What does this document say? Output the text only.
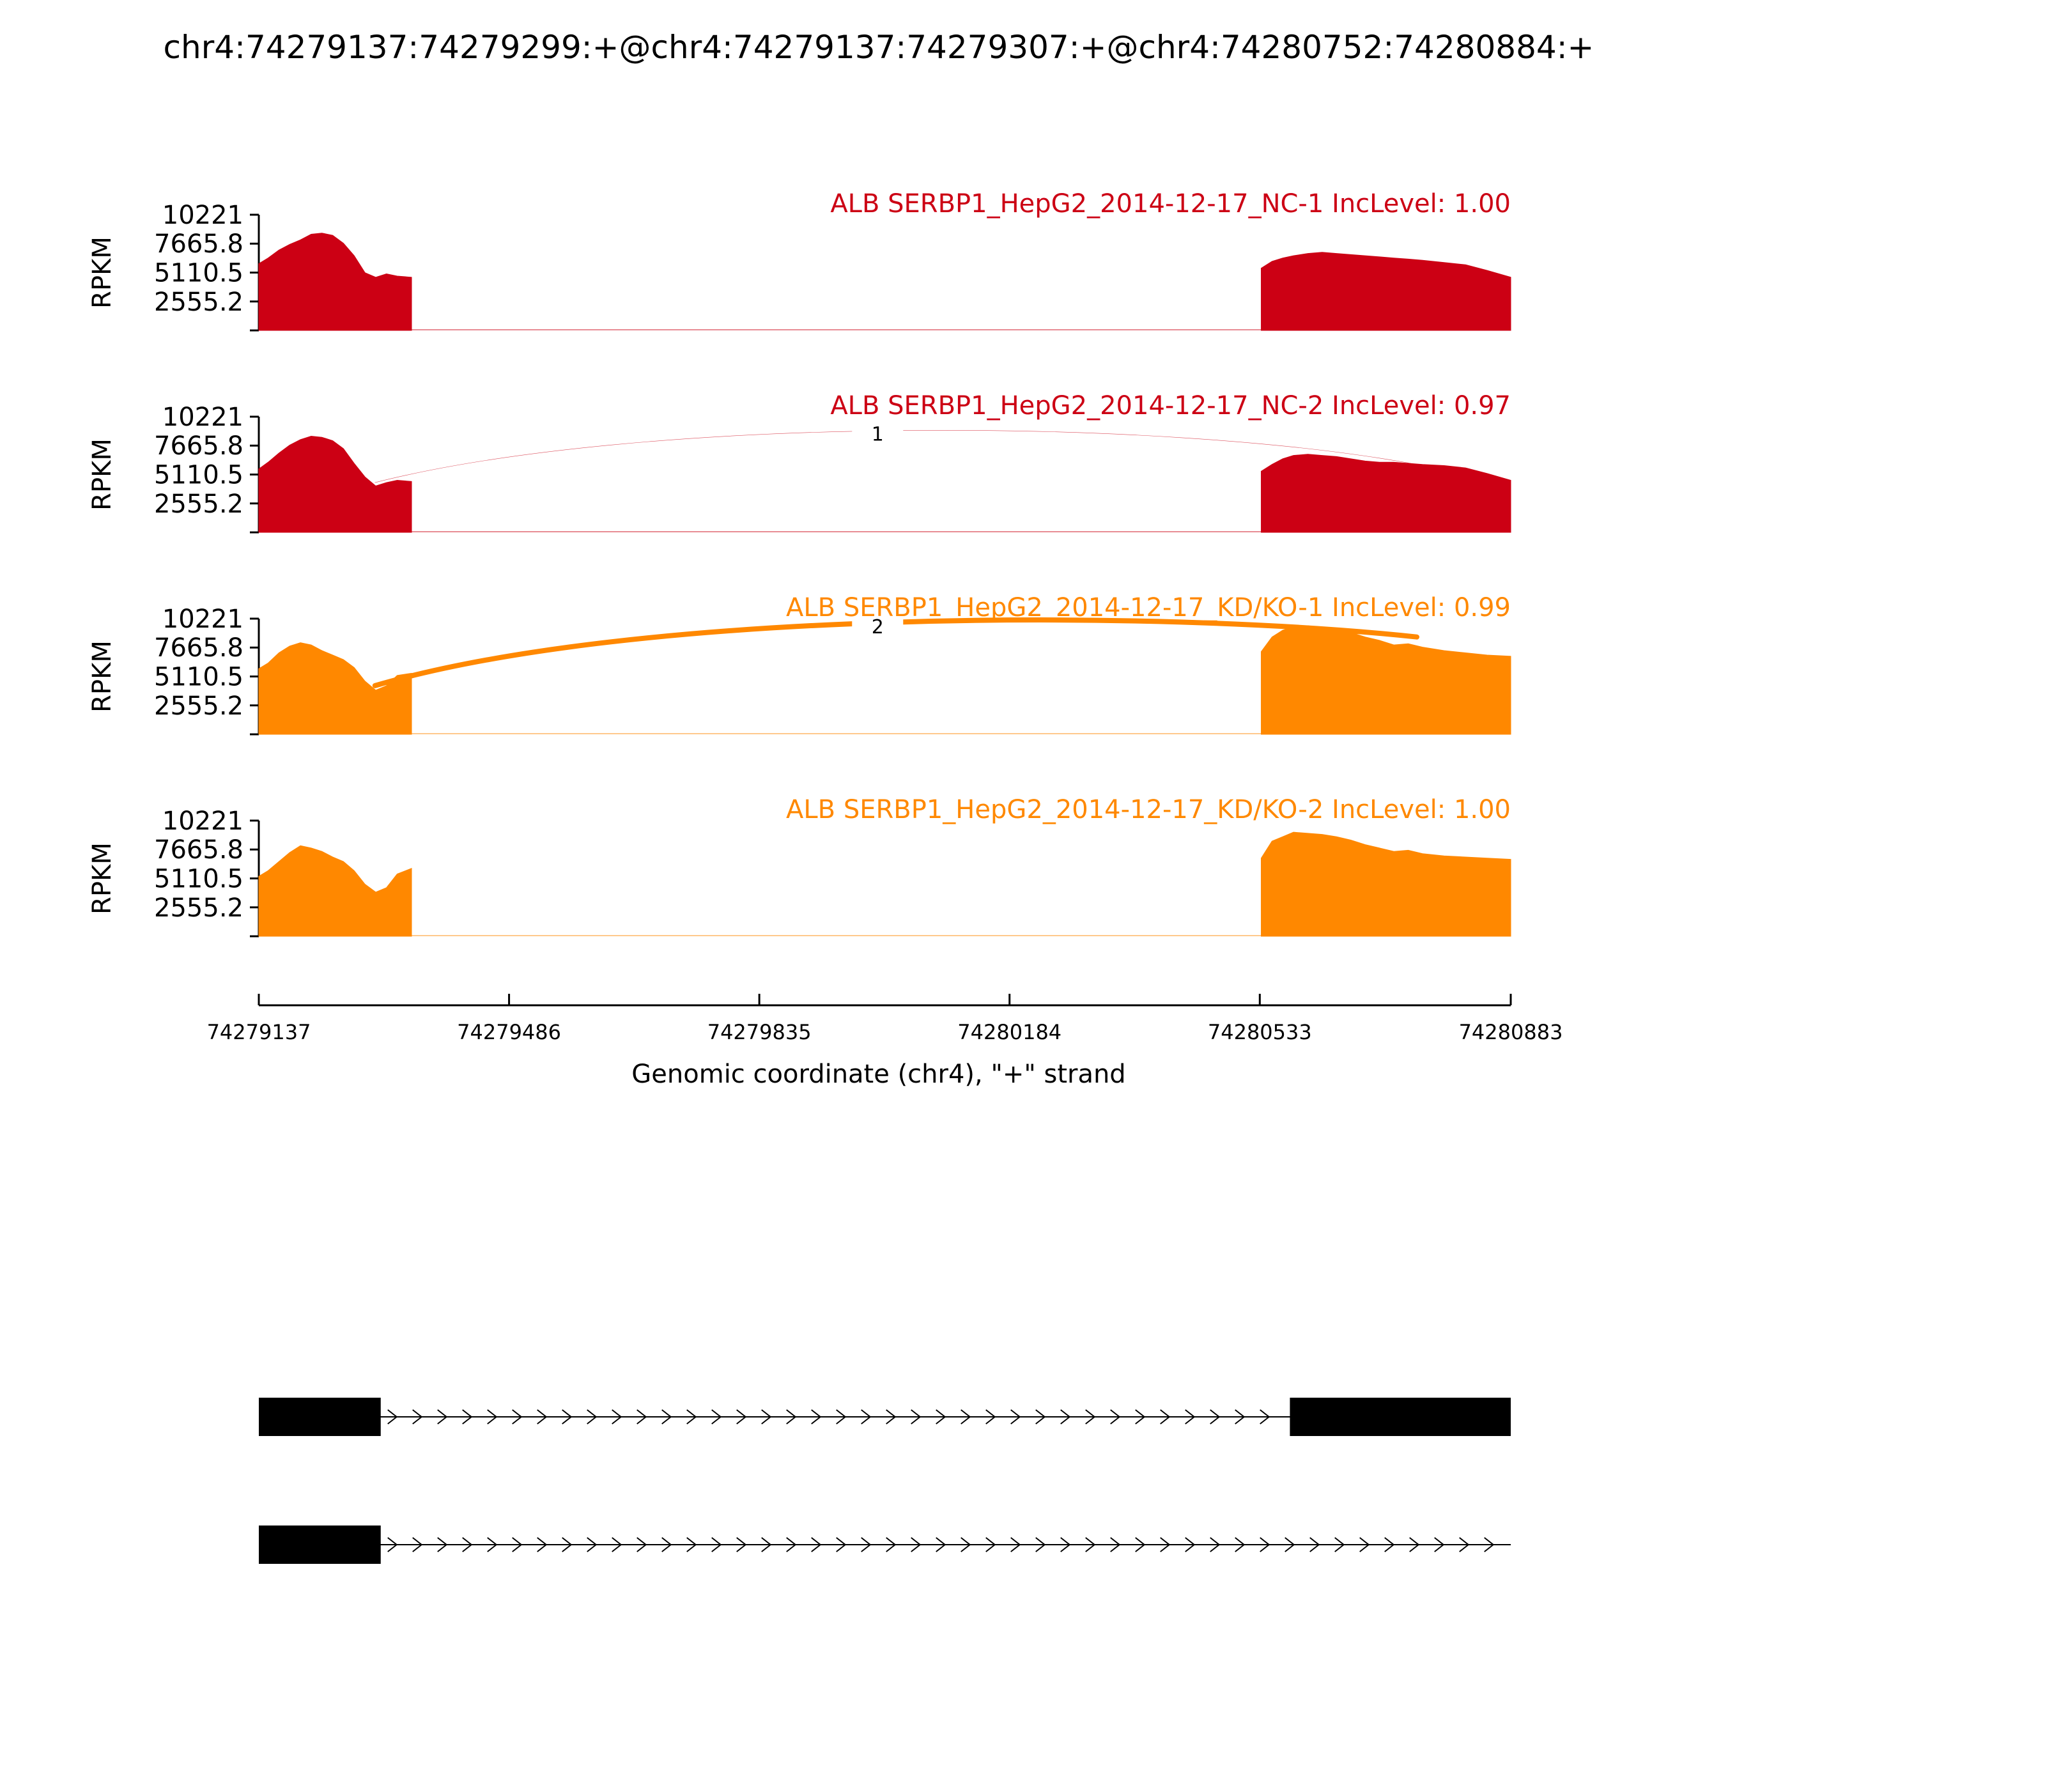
chr4:74279137:74279299:+@chr4:74279137:74279307:+@chr4:74280752:74280884:+
10221
7665.8
5110.5
2555.2
RPKM
ALB SERBP1_HepG2_2014-12-17_NC-1 IncLevel: 1.00
10221
7665.8
5110.5
2555.2
RPKM
1
ALB SERBP1_HepG2_2014-12-17_NC-2 IncLevel: 0.97
10221
7665.8
5110.5
2555.2
RPKM
2
ALB SERBP1_HepG2_2014-12-17_KD/KO-1 IncLevel: 0.99
10221
7665.8
5110.5
2555.2
RPKM
ALB SERBP1_HepG2_2014-12-17_KD/KO-2 IncLevel: 1.00
74279137	74279486	74279835	74280184	74280533	74280883
Genomic coordinate (chr4), "+" strand
